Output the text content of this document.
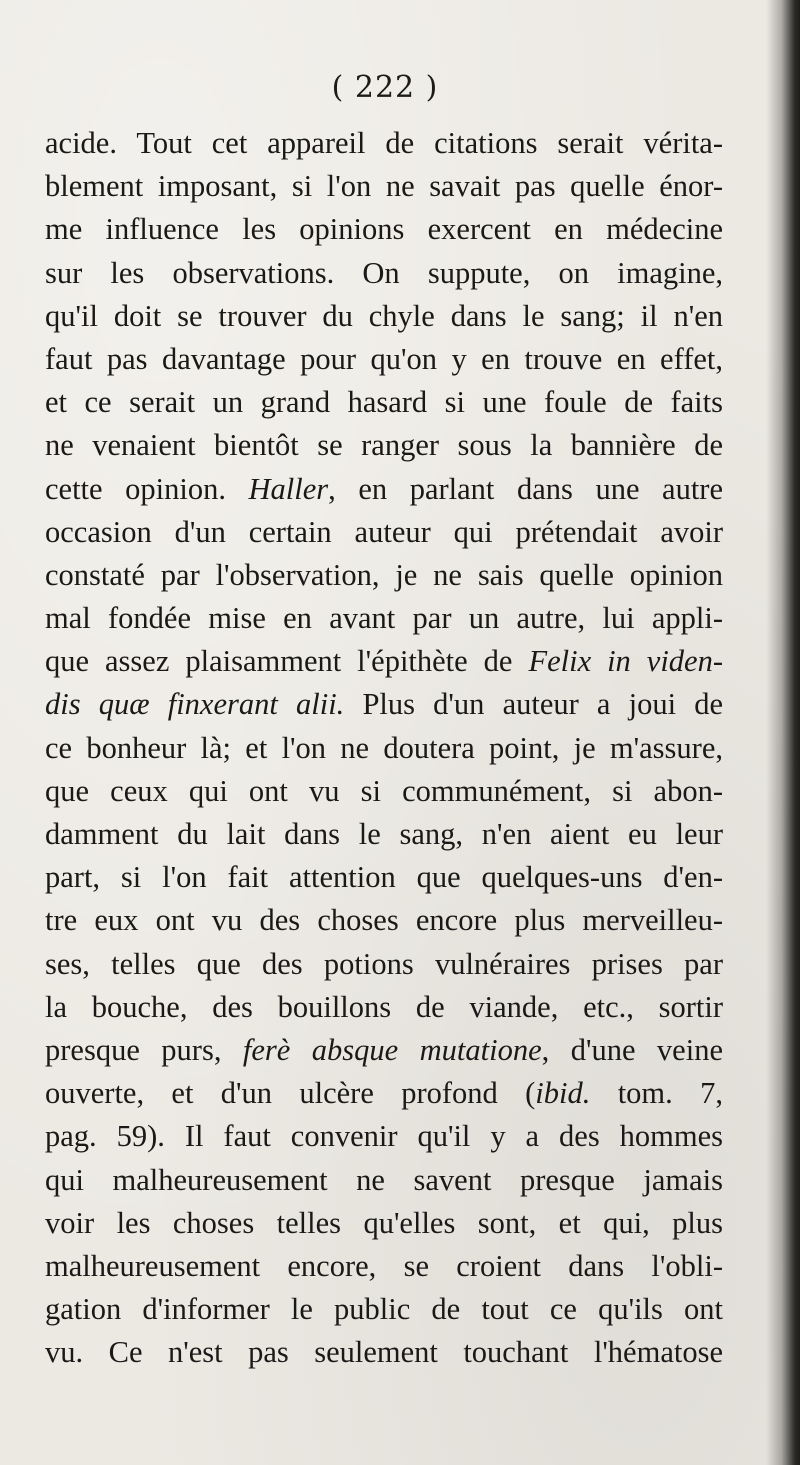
( 222 )
acide. Tout cet appareil de citations serait vérita-
blement imposant, si l'on ne savait pas quelle énor-
me influence les opinions exercent en médecine
sur les observations. On suppute, on imagine,
qu'il doit se trouver du chyle dans le sang; il n'en
faut pas davantage pour qu'on y en trouve en effet,
et ce serait un grand hasard si une foule de faits
ne venaient bientôt se ranger sous la bannière de
cette opinion. Haller, en parlant dans une autre
occasion d'un certain auteur qui prétendait avoir
constaté par l'observation, je ne sais quelle opinion
mal fondée mise en avant par un autre, lui appli-
que assez plaisamment l'épithète de Felix in viden-
dis quæ finxerant alii. Plus d'un auteur a joui de
ce bonheur là; et l'on ne doutera point, je m'assure,
que ceux qui ont vu si communément, si abon-
damment du lait dans le sang, n'en aient eu leur
part, si l'on fait attention que quelques-uns d'en-
tre eux ont vu des choses encore plus merveilleu-
ses, telles que des potions vulnéraires prises par
la bouche, des bouillons de viande, etc., sortir
presque purs, ferè absque mutatione, d'une veine
ouverte, et d'un ulcère profond (ibid. tom. 7,
pag. 59). Il faut convenir qu'il y a des hommes
qui malheureusement ne savent presque jamais
voir les choses telles qu'elles sont, et qui, plus
malheureusement encore, se croient dans l'obli-
gation d'informer le public de tout ce qu'ils ont
vu. Ce n'est pas seulement touchant l'hématose
